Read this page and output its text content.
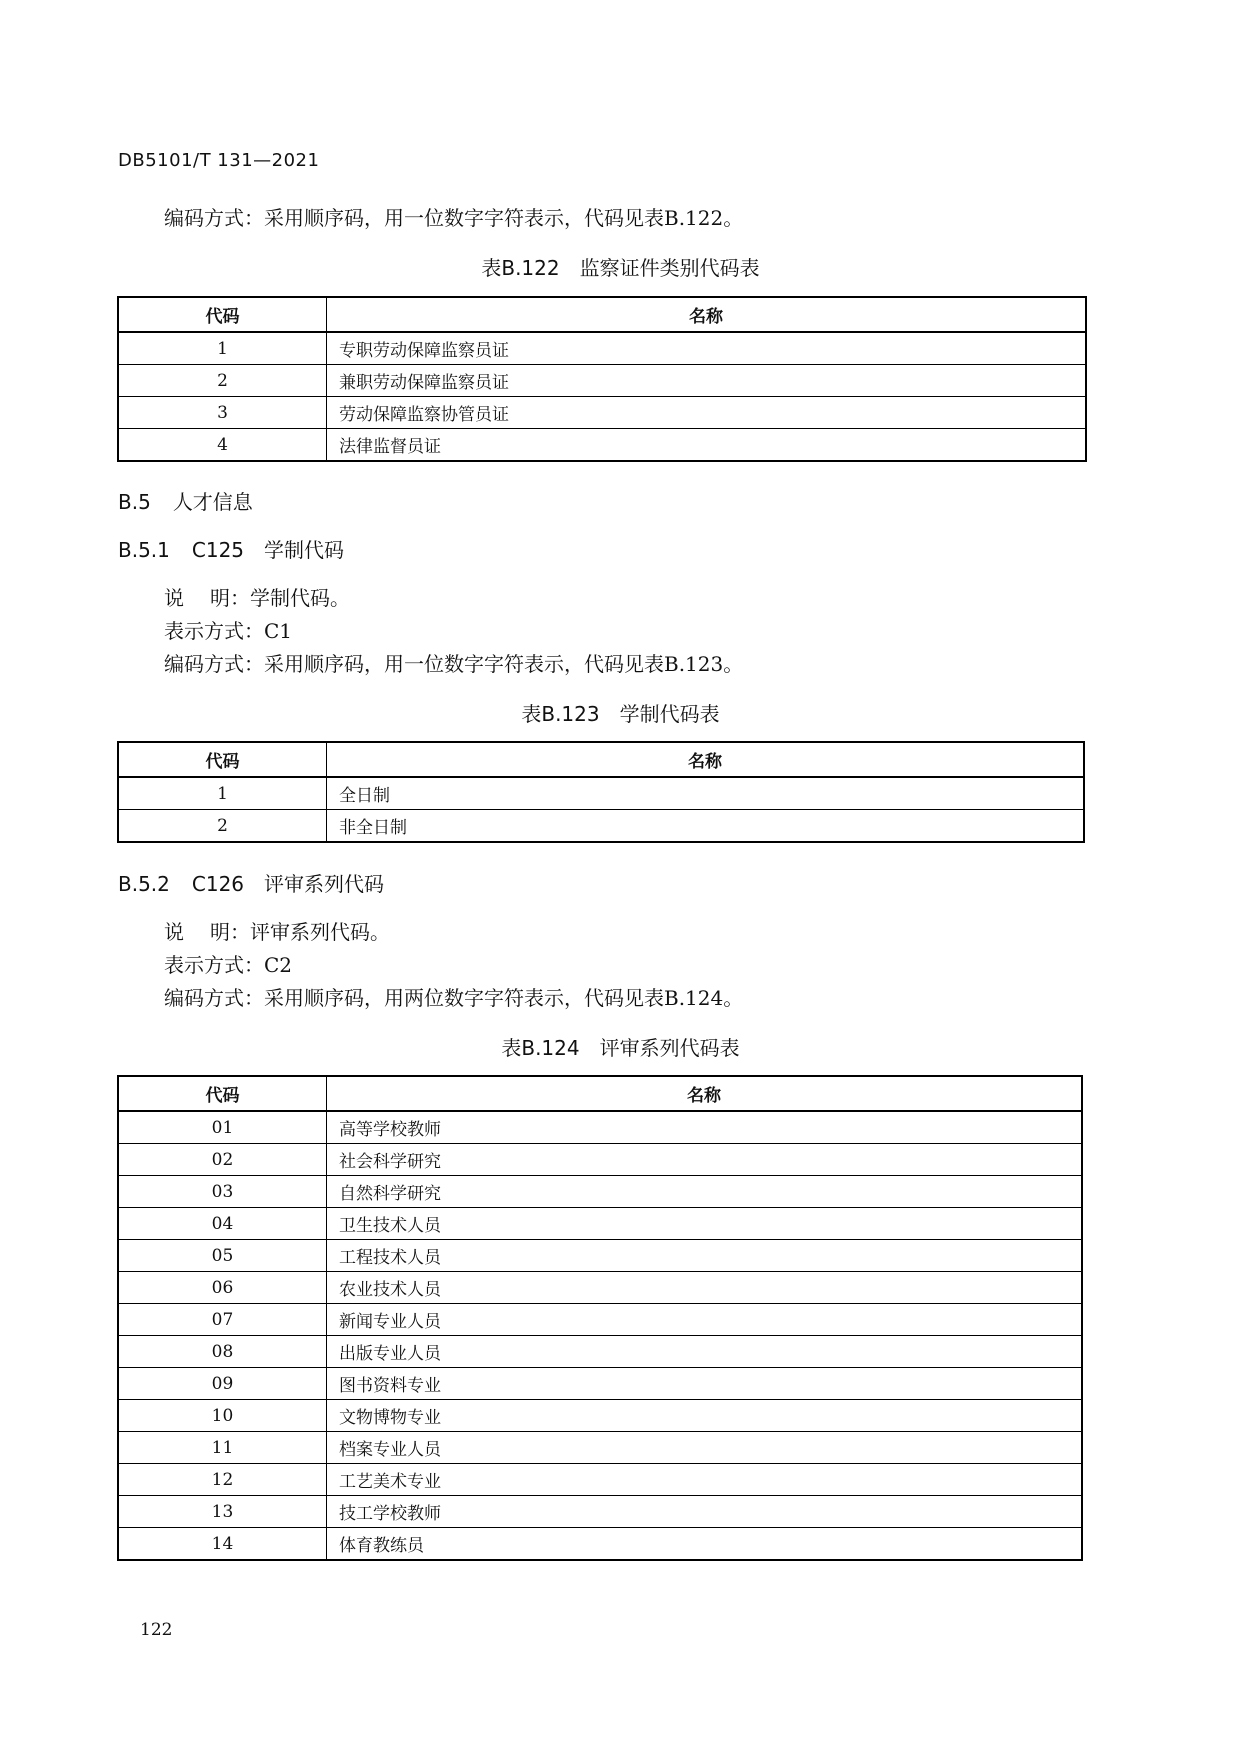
DB5101/T 131—2021
编码方式：采用顺序码，用一位数字字符表示，代码见表B.122。
表B.122　监察证件类别代码表
代码	名称
1	专职劳动保障监察员证
2	兼职劳动保障监察员证
3	劳动保障监察协管员证
4	法律监督员证
B.5 人才信息
B.5.1 C125 学制代码
说明：学制代码。
表示方式：C1
编码方式：采用顺序码，用一位数字字符表示，代码见表B.123。
表B.123　学制代码表
代码	名称
1	全日制
2	非全日制
B.5.2 C126 评审系列代码
说明：评审系列代码。
表示方式：C2
编码方式：采用顺序码，用两位数字字符表示，代码见表B.124。
表B.124　评审系列代码表
代码	名称
01	高等学校教师
02	社会科学研究
03	自然科学研究
04	卫生技术人员
05	工程技术人员
06	农业技术人员
07	新闻专业人员
08	出版专业人员
09	图书资料专业
10	文物博物专业
11	档案专业人员
12	工艺美术专业
13	技工学校教师
14	体育教练员
122
